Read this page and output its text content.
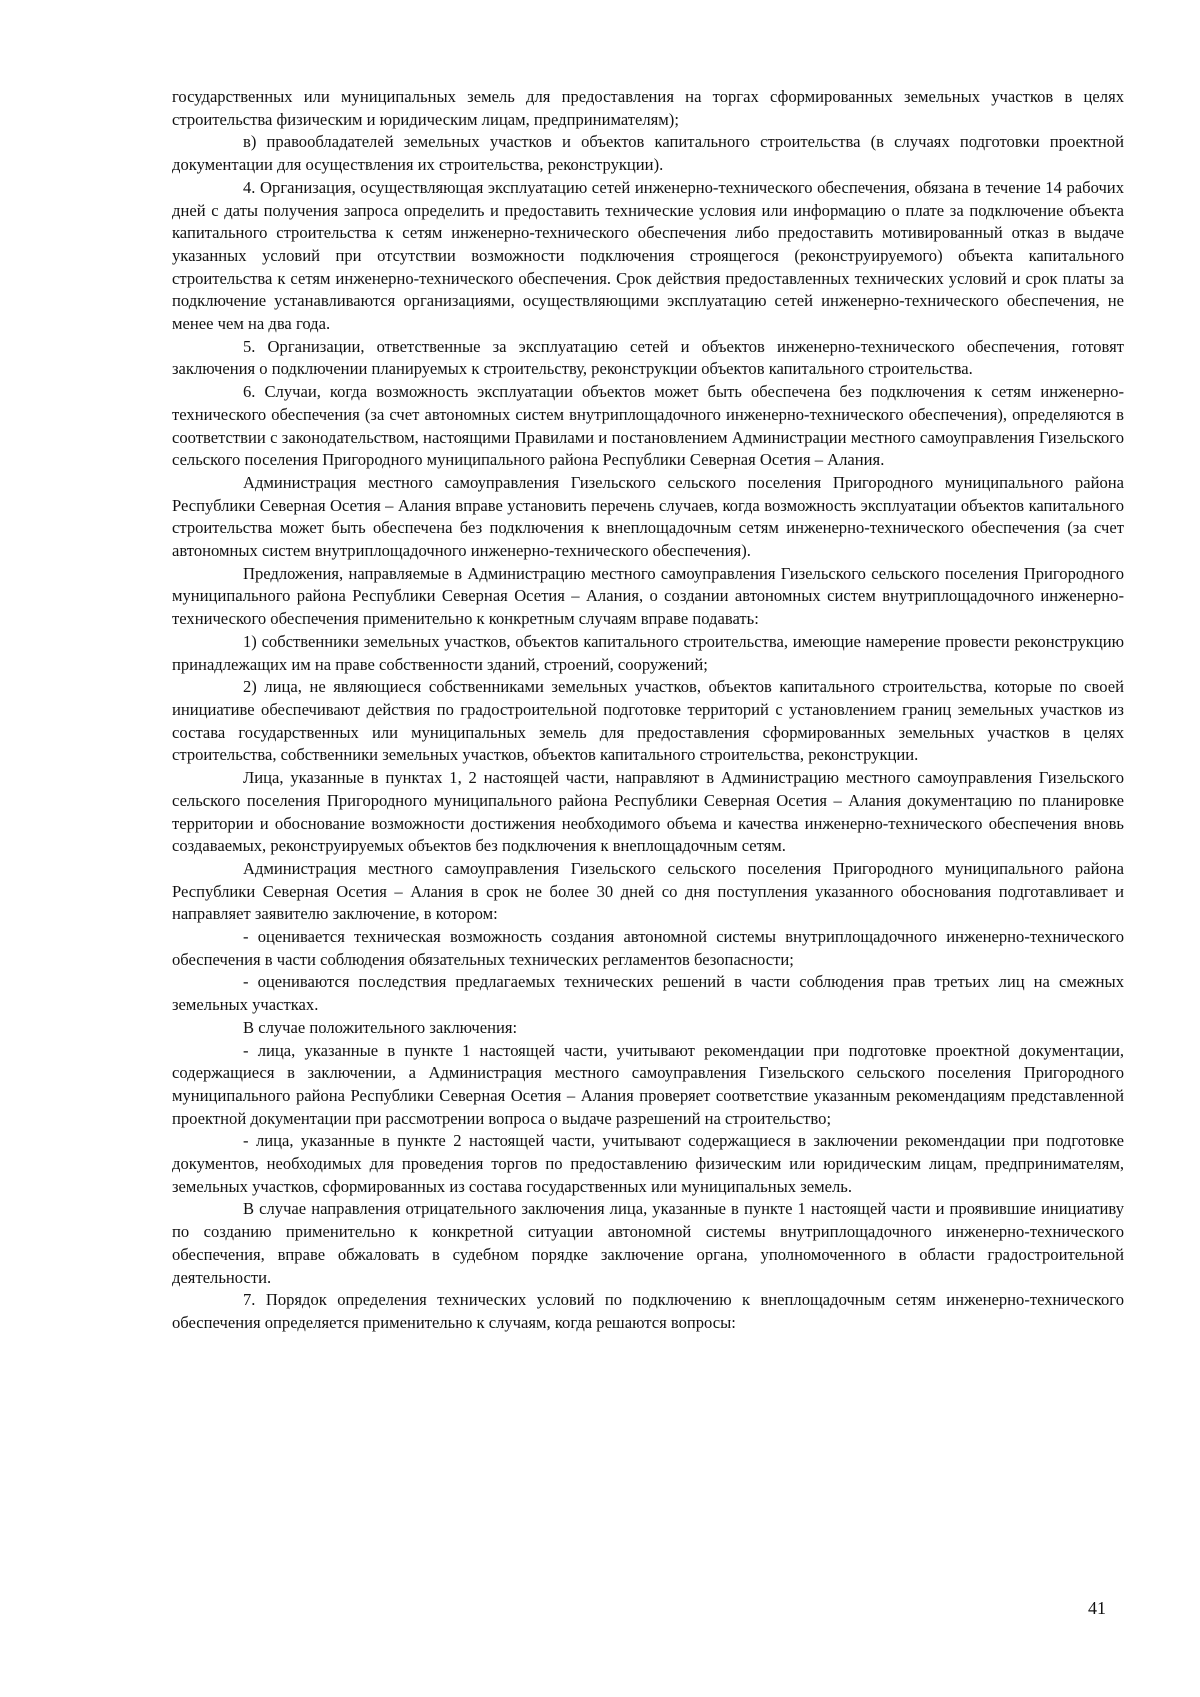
государственных или муниципальных земель для предоставления на торгах сформированных земельных участков в целях строительства физическим и юридическим лицам, предпринимателям);

в) правообладателей земельных участков и объектов капитального строительства (в случаях подготовки проектной документации для осуществления их строительства, реконструкции).

4. Организация, осуществляющая эксплуатацию сетей инженерно-технического обеспечения, обязана в течение 14 рабочих дней с даты получения запроса определить и предоставить технические условия или информацию о плате за подключение объекта капитального строительства к сетям инженерно-технического обеспечения либо предоставить мотивированный отказ в выдаче указанных условий при отсутствии возможности подключения строящегося (реконструируемого) объекта капитального строительства к сетям инженерно-технического обеспечения. Срок действия предоставленных технических условий и срок платы за подключение устанавливаются организациями, осуществляющими эксплуатацию сетей инженерно-технического обеспечения, не менее чем на два года.

5. Организации, ответственные за эксплуатацию сетей и объектов инженерно-технического обеспечения, готовят заключения о подключении планируемых к строительству, реконструкции объектов капитального строительства.

6. Случаи, когда возможность эксплуатации объектов может быть обеспечена без подключения к сетям инженерно-технического обеспечения (за счет автономных систем внутриплощадочного инженерно-технического обеспечения), определяются в соответствии с законодательством, настоящими Правилами и постановлением Администрации местного самоуправления Гизельского сельского поселения Пригородного муниципального района Республики Северная Осетия – Алания.

Администрация местного самоуправления Гизельского сельского поселения Пригородного муниципального района Республики Северная Осетия – Алания вправе установить перечень случаев, когда возможность эксплуатации объектов капитального строительства может быть обеспечена без подключения к внеплощадочным сетям инженерно-технического обеспечения (за счет автономных систем внутриплощадочного инженерно-технического обеспечения).

Предложения, направляемые в Администрацию местного самоуправления Гизельского сельского поселения Пригородного муниципального района Республики Северная Осетия – Алания, о создании автономных систем внутриплощадочного инженерно-технического обеспечения применительно к конкретным случаям вправе подавать:

1) собственники земельных участков, объектов капитального строительства, имеющие намерение провести реконструкцию принадлежащих им на праве собственности зданий, строений, сооружений;

2) лица, не являющиеся собственниками земельных участков, объектов капитального строительства, которые по своей инициативе обеспечивают действия по градостроительной подготовке территорий с установлением границ земельных участков из состава государственных или муниципальных земель для предоставления сформированных земельных участков в целях строительства, собственники земельных участков, объектов капитального строительства, реконструкции.

Лица, указанные в пунктах 1, 2 настоящей части, направляют в Администрацию местного самоуправления Гизельского сельского поселения Пригородного муниципального района Республики Северная Осетия – Алания документацию по планировке территории и обоснование возможности достижения необходимого объема и качества инженерно-технического обеспечения вновь создаваемых, реконструируемых объектов без подключения к внеплощадочным сетям.

Администрация местного самоуправления Гизельского сельского поселения Пригородного муниципального района Республики Северная Осетия – Алания в срок не более 30 дней со дня поступления указанного обоснования подготавливает и направляет заявителю заключение, в котором:

- оценивается техническая возможность создания автономной системы внутриплощадочного инженерно-технического обеспечения в части соблюдения обязательных технических регламентов безопасности;

- оцениваются последствия предлагаемых технических решений в части соблюдения прав третьих лиц на смежных земельных участках.

В случае положительного заключения:

- лица, указанные в пункте 1 настоящей части, учитывают рекомендации при подготовке проектной документации, содержащиеся в заключении, а Администрация местного самоуправления Гизельского сельского поселения Пригородного муниципального района Республики Северная Осетия – Алания проверяет соответствие указанным рекомендациям представленной проектной документации при рассмотрении вопроса о выдаче разрешений на строительство;

- лица, указанные в пункте 2 настоящей части, учитывают содержащиеся в заключении рекомендации при подготовке документов, необходимых для проведения торгов по предоставлению физическим или юридическим лицам, предпринимателям, земельных участков, сформированных из состава государственных или муниципальных земель.

В случае направления отрицательного заключения лица, указанные в пункте 1 настоящей части и проявившие инициативу по созданию применительно к конкретной ситуации автономной системы внутриплощадочного инженерно-технического обеспечения, вправе обжаловать в судебном порядке заключение органа, уполномоченного в области градостроительной деятельности.

7. Порядок определения технических условий по подключению к внеплощадочным сетям инженерно-технического обеспечения определяется применительно к случаям, когда решаются вопросы:

41
